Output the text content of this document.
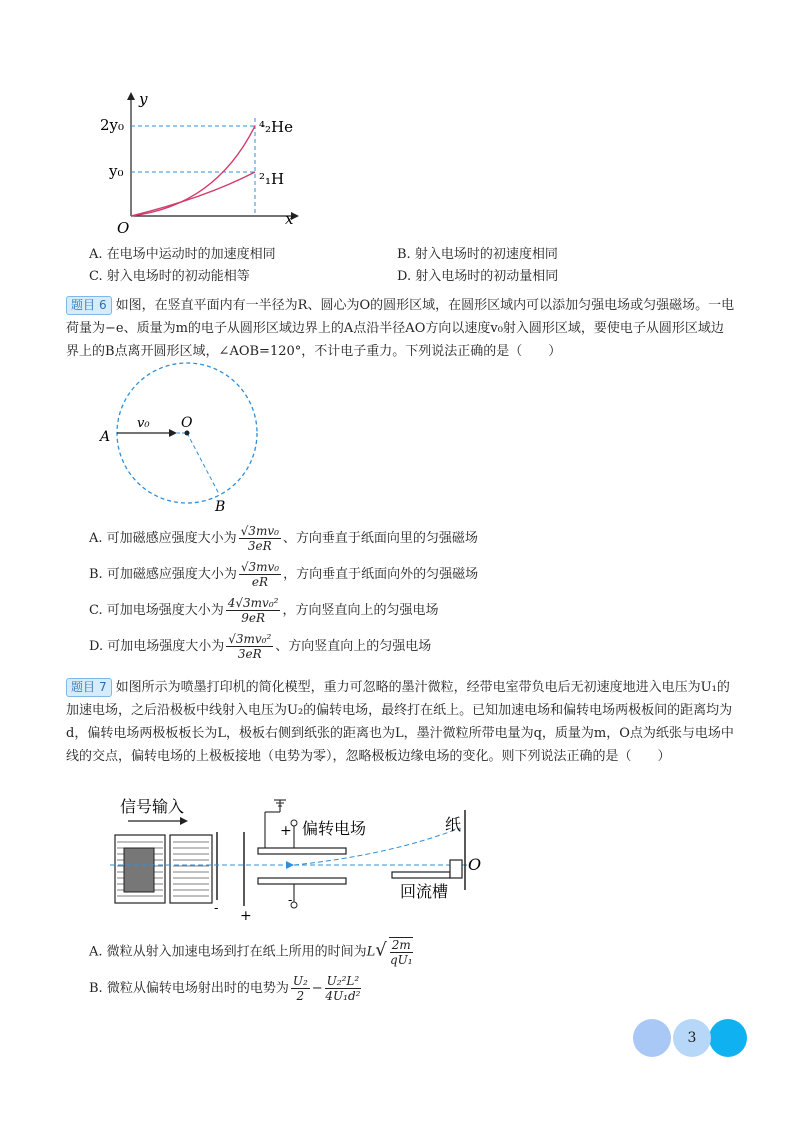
y
x
O
2y₀
y₀
⁴₂He
²₁H
A. 在电场中运动时的加速度相同	B. 射入电场时的初速度相同
C. 射入电场时的初动能相等	D. 射入电场时的初动量相同
题目 6 如图，在竖直平面内有一半径为R、圆心为O的圆形区域，在圆形区域内可以添加匀强电场或匀强磁场。一电荷量为−e、质量为m的电子从圆形区域边界上的A点沿半径AO方向以速度v₀射入圆形区域，要使电子从圆形区域边界上的B点离开圆形区域，∠AOB=120°，不计电子重力。下列说法正确的是（　　）
A
O
B
v₀
A. 可加磁感应强度大小为 $\frac{\text{√3mv₀}}{3eR}$ 、方向垂直于纸面向里的匀强磁场
B. 可加磁感应强度大小为 $\frac{\text{√3mv₀}}{eR}$ ，方向垂直于纸面向外的匀强磁场
C. 可加电场强度大小为 $\frac{\text{4√3mv₀²}}{9eR}$ ，方向竖直向上的匀强电场
D. 可加电场强度大小为 $\frac{\text{√3mv₀²}}{3eR}$ 、方向竖直向上的匀强电场
题目 7 如图所示为喷墨打印机的简化模型，重力可忽略的墨汁微粒，经带电室带负电后无初速度地进入电压为U₁的加速电场，之后沿极板中线射入电压为U₂的偏转电场，最终打在纸上。已知加速电场和偏转电场两极板间的距离均为d，偏转电场两极板板长为L，极板右侧到纸张的距离也为L，墨汁微粒所带电量为q，质量为m，O点为纸张与电场中线的交点，偏转电场的上极板接地（电势为零），忽略极板边缘电场的变化。则下列说法正确的是（　　）
信号输入
- +
+ 偏转电场
-
纸
回流槽
O
A. 微粒从射入加速电场到打在纸上所用的时间为$L√ \frac{2m}{\text{qU₁}}$
B. 微粒从偏转电场射出时的电势为 $\frac{\text{U₂}}{2} - \frac{\text{U₂²L²}}{\text{4U₁d²}}$
3
